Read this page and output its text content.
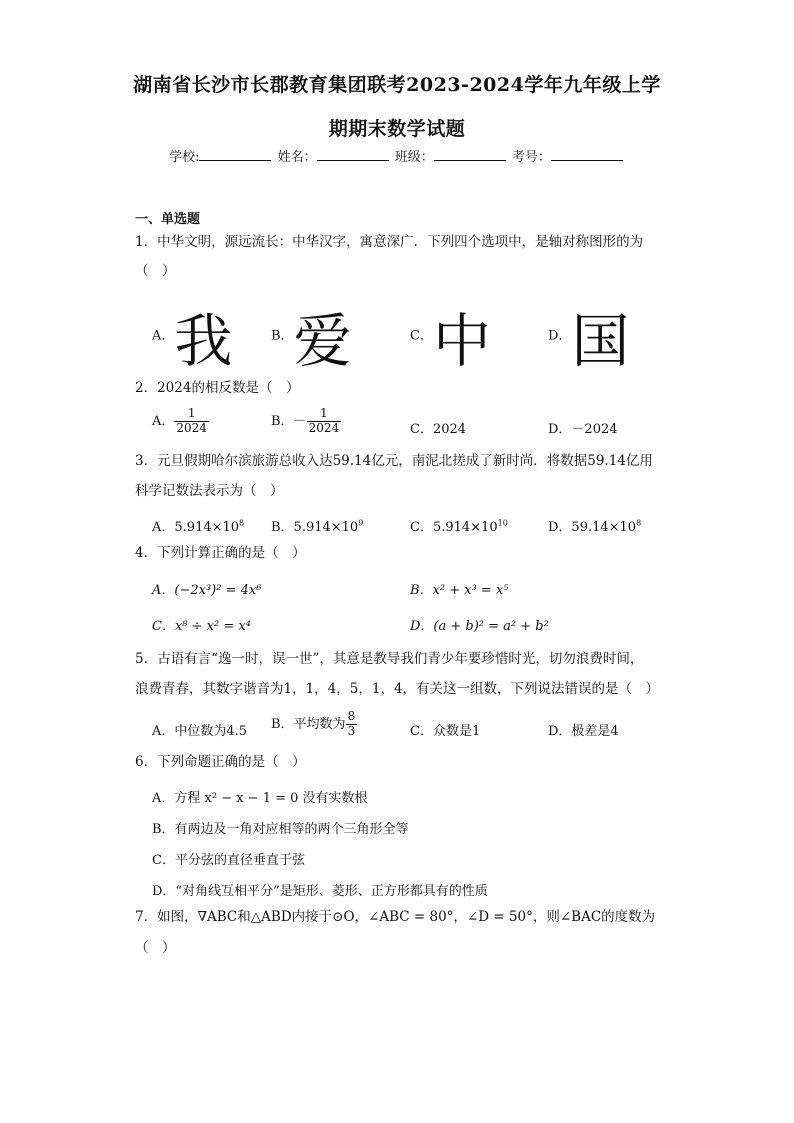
湖南省长沙市长郡教育集团联考2023-2024学年九年级上学
期期末数学试题
学校:	姓名：	班级：	考号：
一、单选题
1．中华文明，源远流长：中华汉字，寓意深广．下列四个选项中，是轴对称图形的为
（　）
A．我	B．爱	C．中	D．国
2．2024的相反数是（　）
A． $\frac{1}{2024}$	B．－ $\frac{1}{2024}$	C．2024	D．－2024
3．元旦假期哈尔滨旅游总收入达59.14亿元，南泥北搓成了新时尚．将数据59.14亿用
科学记数法表示为（　）
A．$5.914\times 10^8$ B．$5.914\times 10^9$	C．$5.914\times 10^{10}$	D．$59.14\times 10^8$
4．下列计算正确的是（　）
A．(−2x³)² = 4x⁶	B．x² + x³ = x⁵
C．x⁸ ÷ x² = x⁴	D．(a + b)² = a² + b²
5．古语有言“逸一时，误一世”，其意是教导我们青少年要珍惜时光，切勿浪费时间，
浪费青春，其数字谐音为1，1，4，5，1，4，有关这一组数，下列说法错误的是（　）
A．中位数为4.5 B．平均数为 $\frac{8}{3}$	C．众数是1	D．极差是4
6．下列命题正确的是（　）
A．方程 x² − x − 1 = 0 没有实数根
B．有两边及一角对应相等的两个三角形全等
C．平分弦的直径垂直于弦
D．“对角线互相平分”是矩形、菱形、正方形都具有的性质
7．如图，∇ABC和△ABD内接于⊙O，∠ABC = 80°，∠D = 50°，则∠BAC的度数为
（　）
